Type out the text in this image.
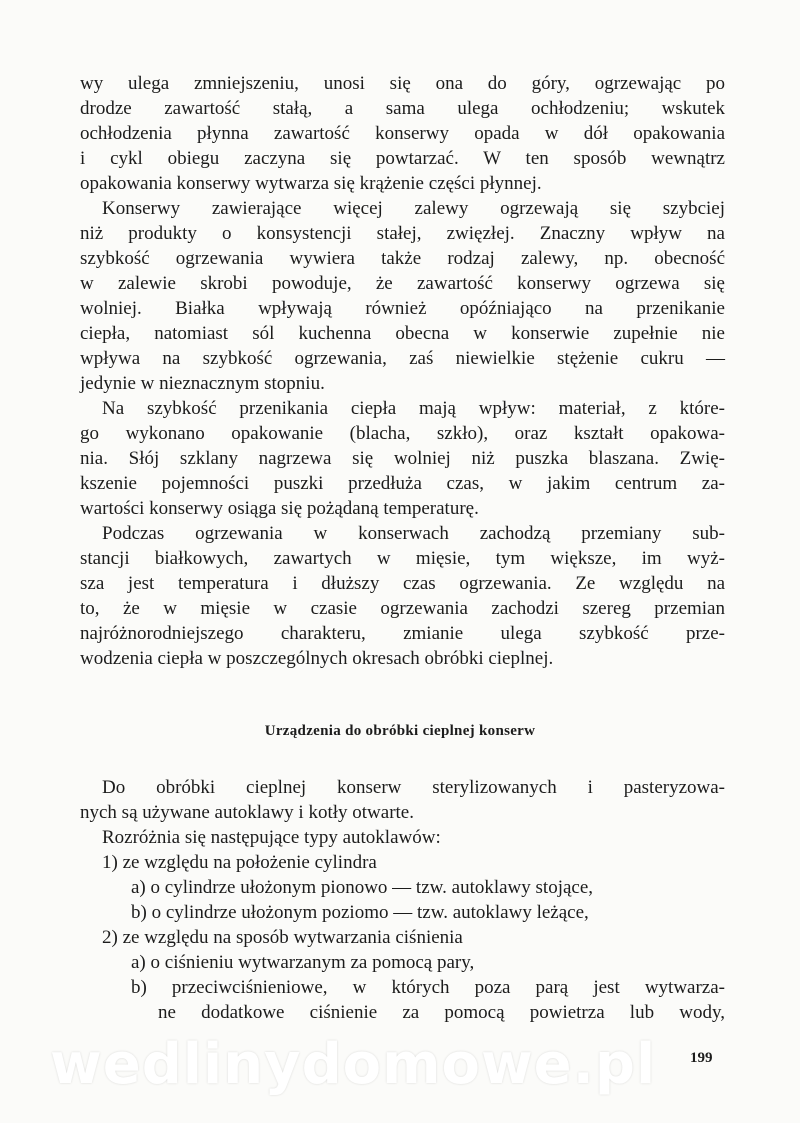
wy ulega zmniejszeniu, unosi się ona do góry, ogrzewając po
drodze zawartość stałą, a sama ulega ochłodzeniu; wskutek
ochłodzenia płynna zawartość konserwy opada w dół opakowania
i cykl obiegu zaczyna się powtarzać. W ten sposób wewnątrz
opakowania konserwy wytwarza się krążenie części płynnej.
Konserwy zawierające więcej zalewy ogrzewają się szybciej
niż produkty o konsystencji stałej, zwięzłej. Znaczny wpływ na
szybkość ogrzewania wywiera także rodzaj zalewy, np. obecność
w zalewie skrobi powoduje, że zawartość konserwy ogrzewa się
wolniej. Białka wpływają również opóźniająco na przenikanie
ciepła, natomiast sól kuchenna obecna w konserwie zupełnie nie
wpływa na szybkość ogrzewania, zaś niewielkie stężenie cukru —
jedynie w nieznacznym stopniu.
Na szybkość przenikania ciepła mają wpływ: materiał, z które-
go wykonano opakowanie (blacha, szkło), oraz kształt opakowa-
nia. Słój szklany nagrzewa się wolniej niż puszka blaszana. Zwię-
kszenie pojemności puszki przedłuża czas, w jakim centrum za-
wartości konserwy osiąga się pożądaną temperaturę.
Podczas ogrzewania w konserwach zachodzą przemiany sub-
stancji białkowych, zawartych w mięsie, tym większe, im wyż-
sza jest temperatura i dłuższy czas ogrzewania. Ze względu na
to, że w mięsie w czasie ogrzewania zachodzi szereg przemian
najróżnorodniejszego charakteru, zmianie ulega szybkość prze-
wodzenia ciepła w poszczególnych okresach obróbki cieplnej.
Urządzenia do obróbki cieplnej konserw
Do obróbki cieplnej konserw sterylizowanych i pasteryzowa-
nych są używane autoklawy i kotły otwarte.
Rozróżnia się następujące typy autoklawów:
1) ze względu na położenie cylindra
a) o cylindrze ułożonym pionowo — tzw. autoklawy stojące,
b) o cylindrze ułożonym poziomo — tzw. autoklawy leżące,
2) ze względu na sposób wytwarzania ciśnienia
a) o ciśnieniu wytwarzanym za pomocą pary,
b) przeciwciśnieniowe, w których poza parą jest wytwarza-
ne dodatkowe ciśnienie za pomocą powietrza lub wody,
wedlinydomowe.pl	199
